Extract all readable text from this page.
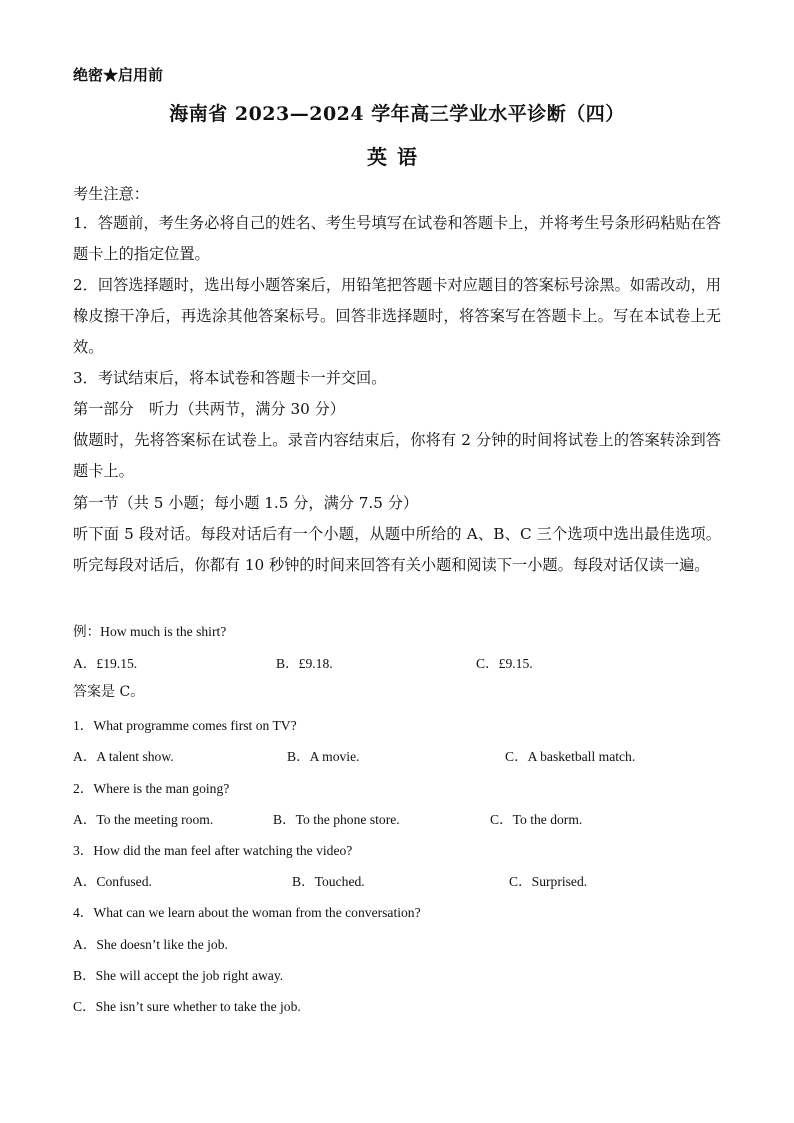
绝密★启用前
海南省 2023—2024 学年高三学业水平诊断（四）
英语
考生注意：
1．答题前，考生务必将自己的姓名、考生号填写在试卷和答题卡上，并将考生号条形码粘贴在答题卡上的指定位置。
2．回答选择题时，选出每小题答案后，用铅笔把答题卡对应题目的答案标号涂黑。如需改动，用橡皮擦干净后，再选涂其他答案标号。回答非选择题时，将答案写在答题卡上。写在本试卷上无效。
3．考试结束后，将本试卷和答题卡一并交回。
第一部分　听力（共两节，满分 30 分）
做题时，先将答案标在试卷上。录音内容结束后，你将有 2 分钟的时间将试卷上的答案转涂到答题卡上。
第一节（共 5 小题；每小题 1.5 分，满分 7.5 分）
听下面 5 段对话。每段对话后有一个小题，从题中所给的 A、B、C 三个选项中选出最佳选项。听完每段对话后，你都有 10 秒钟的时间来回答有关小题和阅读下一小题。每段对话仅读一遍。
例：How much is the shirt?
A．£19.15.	B．£9.18.	C．£9.15.
答案是 C。
1．What programme comes first on TV?
A．A talent show.	B．A movie.	C．A basketball match.
2．Where is the man going?
A．To the meeting room.	B．To the phone store.	C．To the dorm.
3．How did the man feel after watching the video?
A．Confused.	B．Touched.	C．Surprised.
4．What can we learn about the woman from the conversation?
A．She doesn’t like the job.
B．She will accept the job right away.
C．She isn’t sure whether to take the job.
